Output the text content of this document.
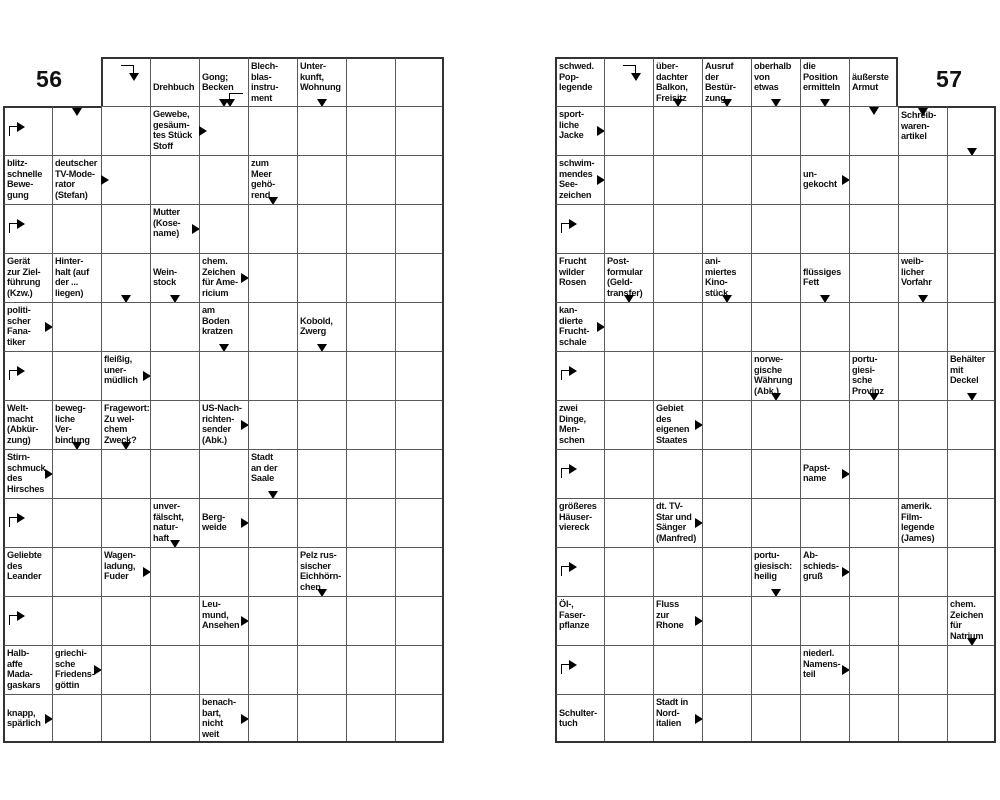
56	57

Drehbuch

Gong;
Becken
Blech-
blas-
instru-
ment
Unter-
kunft,
Wohnung
Gewebe,
gesäum-
tes Stück
Stoff
blitz-
schnelle
Bewe-
gung
deutscher
TV-Mode-
rator
(Stefan)
zum
Meer
gehö-
rend
Mutter
(Kose-
name)
Gerät
zur Ziel-
führung
(Kzw.)
Hinter-
halt (auf
der ...
liegen)

Wein-
stock
chem.
Zeichen
für Ame-
ricium
politi-
scher
Fana-
tiker
am
Boden
kratzen

Kobold,
Zwerg
fleißig,
uner-
müdlich
Welt-
macht
(Abkür-
zung)
beweg-
liche
Ver-
bindung
Fragewort:
Zu wel-
chem
Zweck?
US-Nach-
richten-
sender
(Abk.)
Stirn-
schmuck
des
Hirsches
Stadt
an der
Saale
unver-
fälscht,
natur-
haft

Berg-
weide
Geliebte
des
Leander
Wagen-
ladung,
Fuder
Pelz rus-
sischer
Eichhörn-
chen
Leu-
mund,
Ansehen
Halb-
affe
Mada-
gaskars
griechi-
sche
Friedens-
göttin

knapp,
spärlich
benach-
bart,
nicht
weit
schwed.
Pop-
legende
über-
dachter
Balkon,
Freisitz
Ausruf
der
Bestür-
zung
oberhalb
von
etwas
die
Position
ermitteln

äußerste
Armut
sport-
liche
Jacke
Schreib-
waren-
artikel
schwim-
mendes
See-
zeichen

un-
gekocht
Frucht
wilder
Rosen
Post-
formular
(Geld-
transfer)
ani-
miertes
Kino-
stück

flüssiges
Fett
weib-
licher
Vorfahr
kan-
dierte
Frucht-
schale
norwe-
gische
Währung
(Abk.)
portu-
giesi-
sche
Provinz
Behälter
mit
Deckel
zwei
Dinge,
Men-
schen
Gebiet
des
eigenen
Staates

Papst-
name
größeres
Häuser-
viereck
dt. TV-
Star und
Sänger
(Manfred)
amerik.
Film-
legende
(James)
portu-
giesisch:
heilig
Ab-
schieds-
gruß
Öl-,
Faser-
pflanze
Fluss
zur
Rhone
chem.
Zeichen
für
Natrium
niederl.
Namens-
teil

Schulter-
tuch
Stadt in
Nord-
italien
